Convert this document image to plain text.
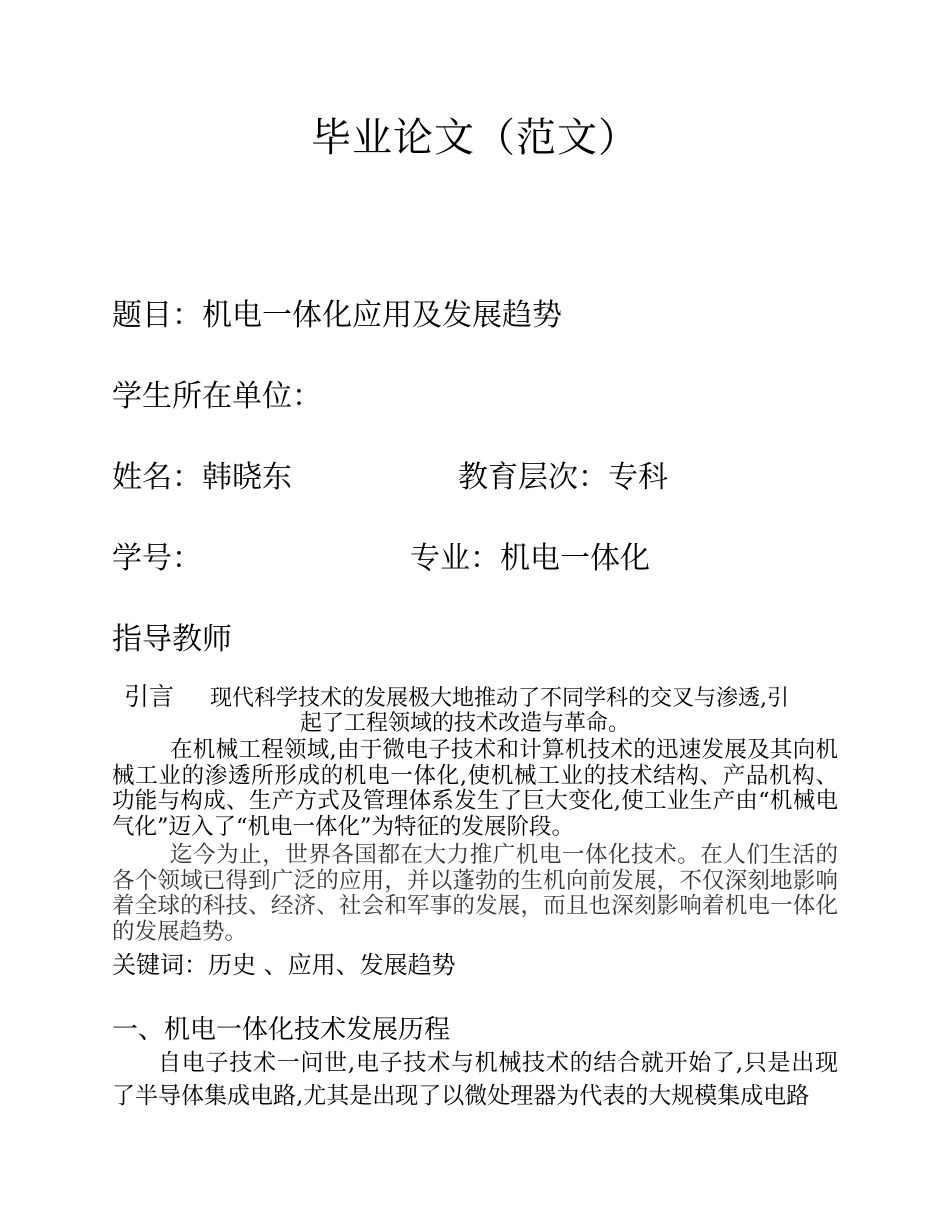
毕业论文（范文）
题目：机电一体化应用及发展趋势
学生所在单位：
姓名：韩晓东	教育层次：专科
学号：	专业：机电一体化
指导教师
引言 现代科学技术的发展极大地推动了不同学科的交叉与渗透,引
起了工程领域的技术改造与革命。

在机械工程领域,由于微电子技术和计算机技术的迅速发展及其向机械工业的渗透所形成的机电一体化,使机械工业的技术结构、产品机构、功能与构成、生产方式及管理体系发生了巨大变化,使工业生产由“机械电气化”迈入了“机电一体化”为特征的发展阶段。

迄今为止，世界各国都在大力推广机电一体化技术。在人们生活的各个领域已得到广泛的应用，并以蓬勃的生机向前发展，不仅深刻地影响着全球的科技、经济、社会和军事的发展，而且也深刻影响着机电一体化的发展趋势。

关键词：历史 、应用、发展趋势
一、机电一体化技术发展历程

自电子技术一问世,电子技术与机械技术的结合就开始了,只是出现了半导体集成电路,尤其是出现了以微处理器为代表的大规模集成电路
